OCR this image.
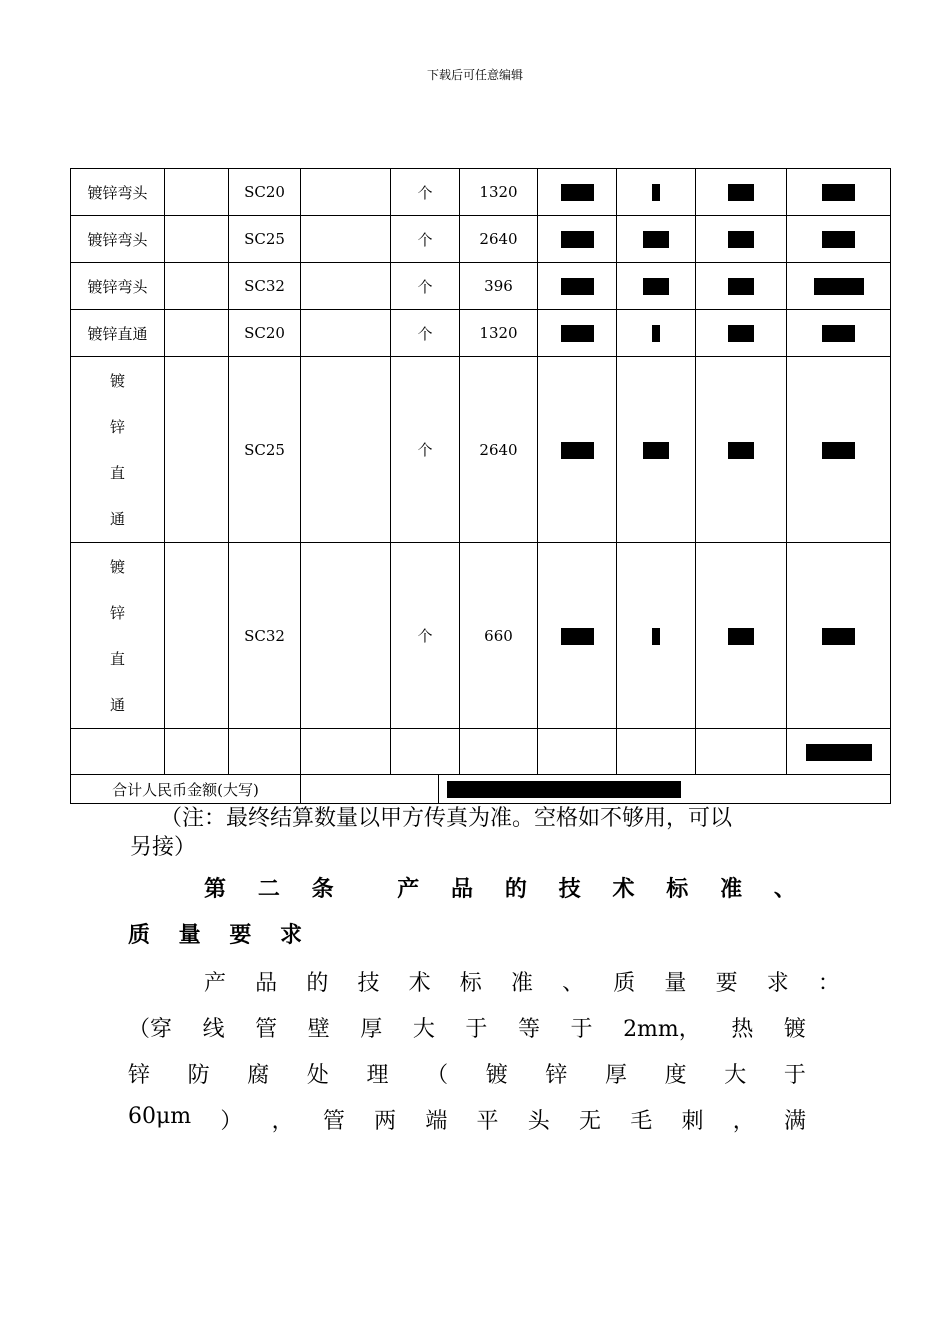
下载后可任意编辑
镀锌弯头		SC20		个	1320				
镀锌弯头		SC25		个	2640				
镀锌弯头		SC32		个	396				
镀锌直通		SC20		个	1320				

镀
锌
直
通		SC25		个	2640				

镀
锌
直
通		SC32		个	660				

合计人民币金额(大写)		
（注：最终结算数量以甲方传真为准。空格如不够用，可以
另接）
第 二 条	产 品 的 技 术 标 准 、
质 量 要 求
产 品 的 技 术 标 准 、 质 量 要 求 ：
（穿 线 管 壁 厚 大 于 等 于 2mm， 热 镀
锌 防 腐 处 理 （ 镀 锌 厚 度 大 于
60μm ） ， 管 两 端 平 头 无 毛 刺 ， 满
